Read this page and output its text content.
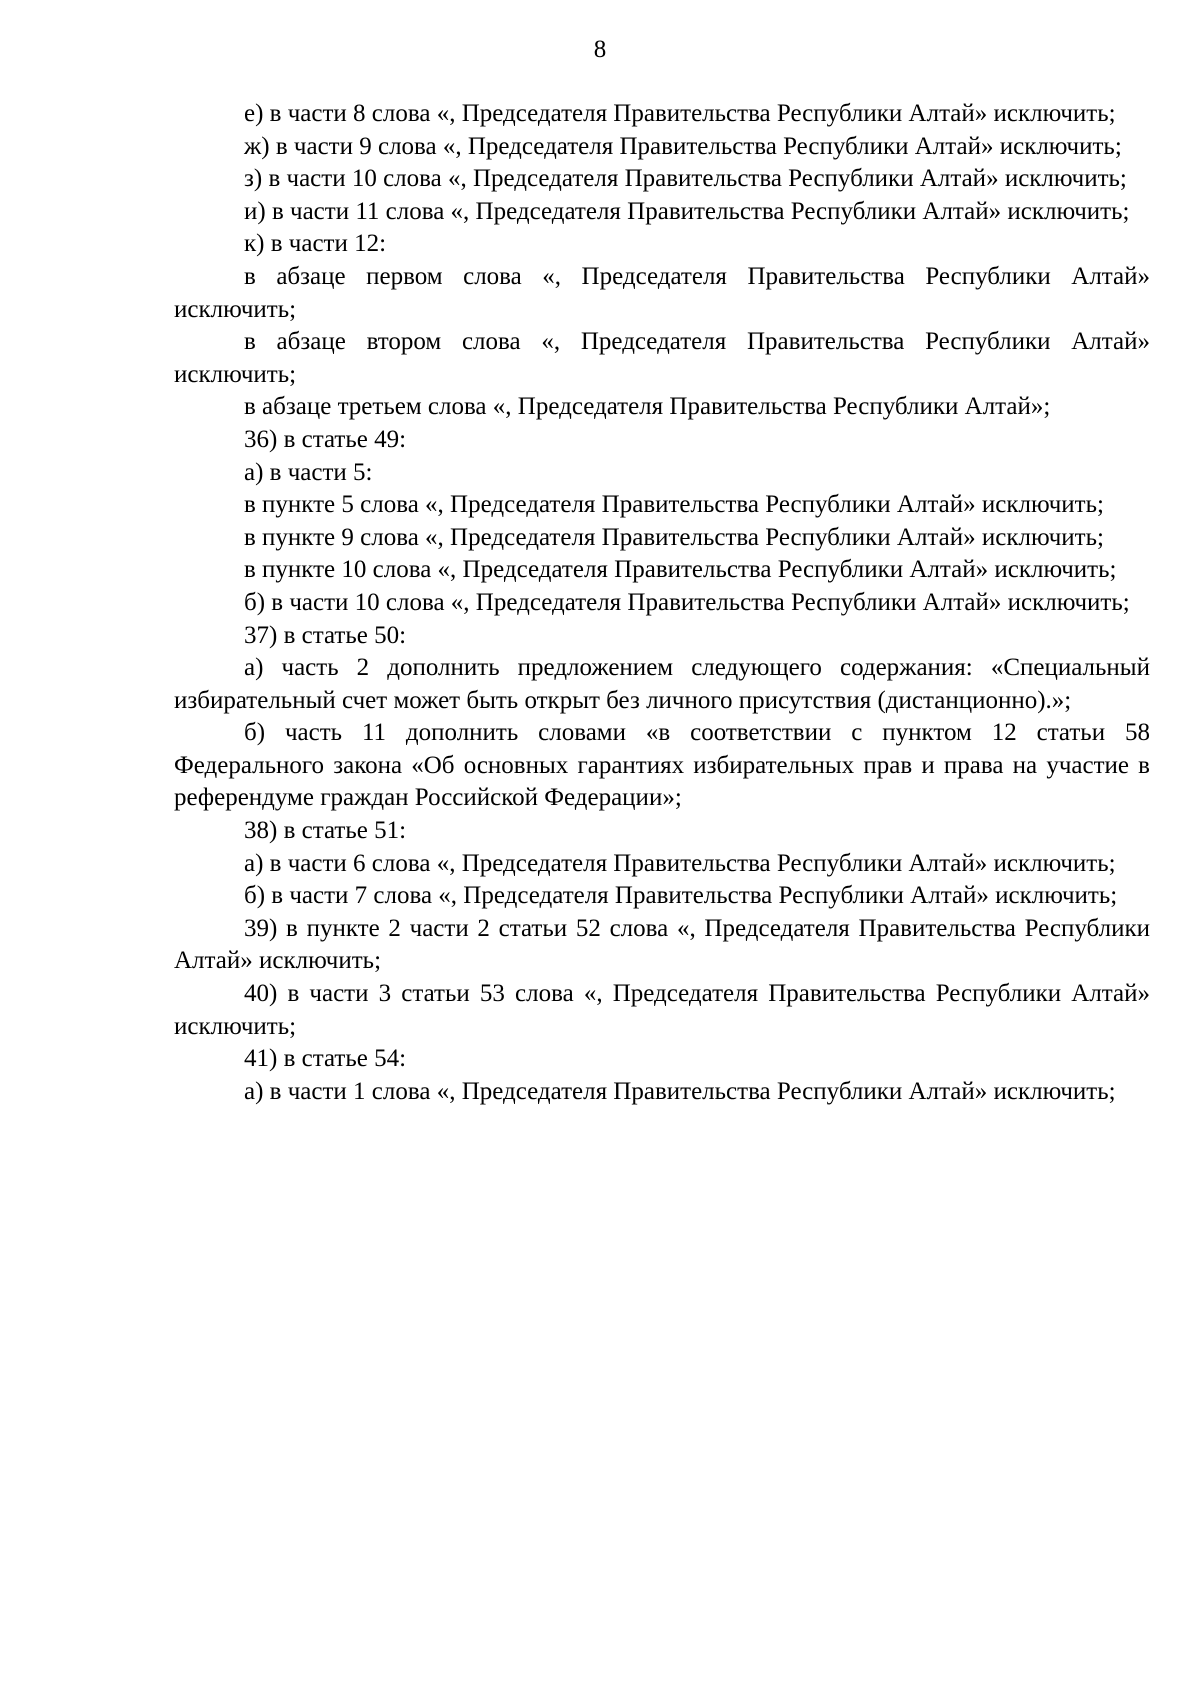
8

е) в части 8 слова «, Председателя Правительства Республики Алтай» исключить;

ж) в части 9 слова «, Председателя Правительства Республики Алтай» исключить;

з) в части 10 слова «, Председателя Правительства Республики Алтай» исключить;

и) в части 11 слова «, Председателя Правительства Республики Алтай» исключить;

к) в части 12:

в абзаце первом слова «, Председателя Правительства Республики Алтай» исключить;

в абзаце втором слова «, Председателя Правительства Республики Алтай» исключить;

в абзаце третьем слова «, Председателя Правительства Республики Алтай»;

36) в статье 49:

а) в части 5:

в пункте 5 слова «, Председателя Правительства Республики Алтай» исключить;

в пункте 9 слова «, Председателя Правительства Республики Алтай» исключить;

в пункте 10 слова «, Председателя Правительства Республики Алтай» исключить;

б) в части 10 слова «, Председателя Правительства Республики Алтай» исключить;

37) в статье 50:

а) часть 2 дополнить предложением следующего содержания: «Специальный избирательный счет может быть открыт без личного присутствия (дистанционно).»;

б) часть 11 дополнить словами «в соответствии с пунктом 12 статьи 58 Федерального закона «Об основных гарантиях избирательных прав и права на участие в референдуме граждан Российской Федерации»;

38) в статье 51:

а) в части 6 слова «, Председателя Правительства Республики Алтай» исключить;

б) в части 7 слова «, Председателя Правительства Республики Алтай» исключить;

39) в пункте 2 части 2 статьи 52 слова «, Председателя Правительства Республики Алтай» исключить;

40) в части 3 статьи 53 слова «, Председателя Правительства Республики Алтай» исключить;

41) в статье 54:

а) в части 1 слова «, Председателя Правительства Республики Алтай» исключить;
